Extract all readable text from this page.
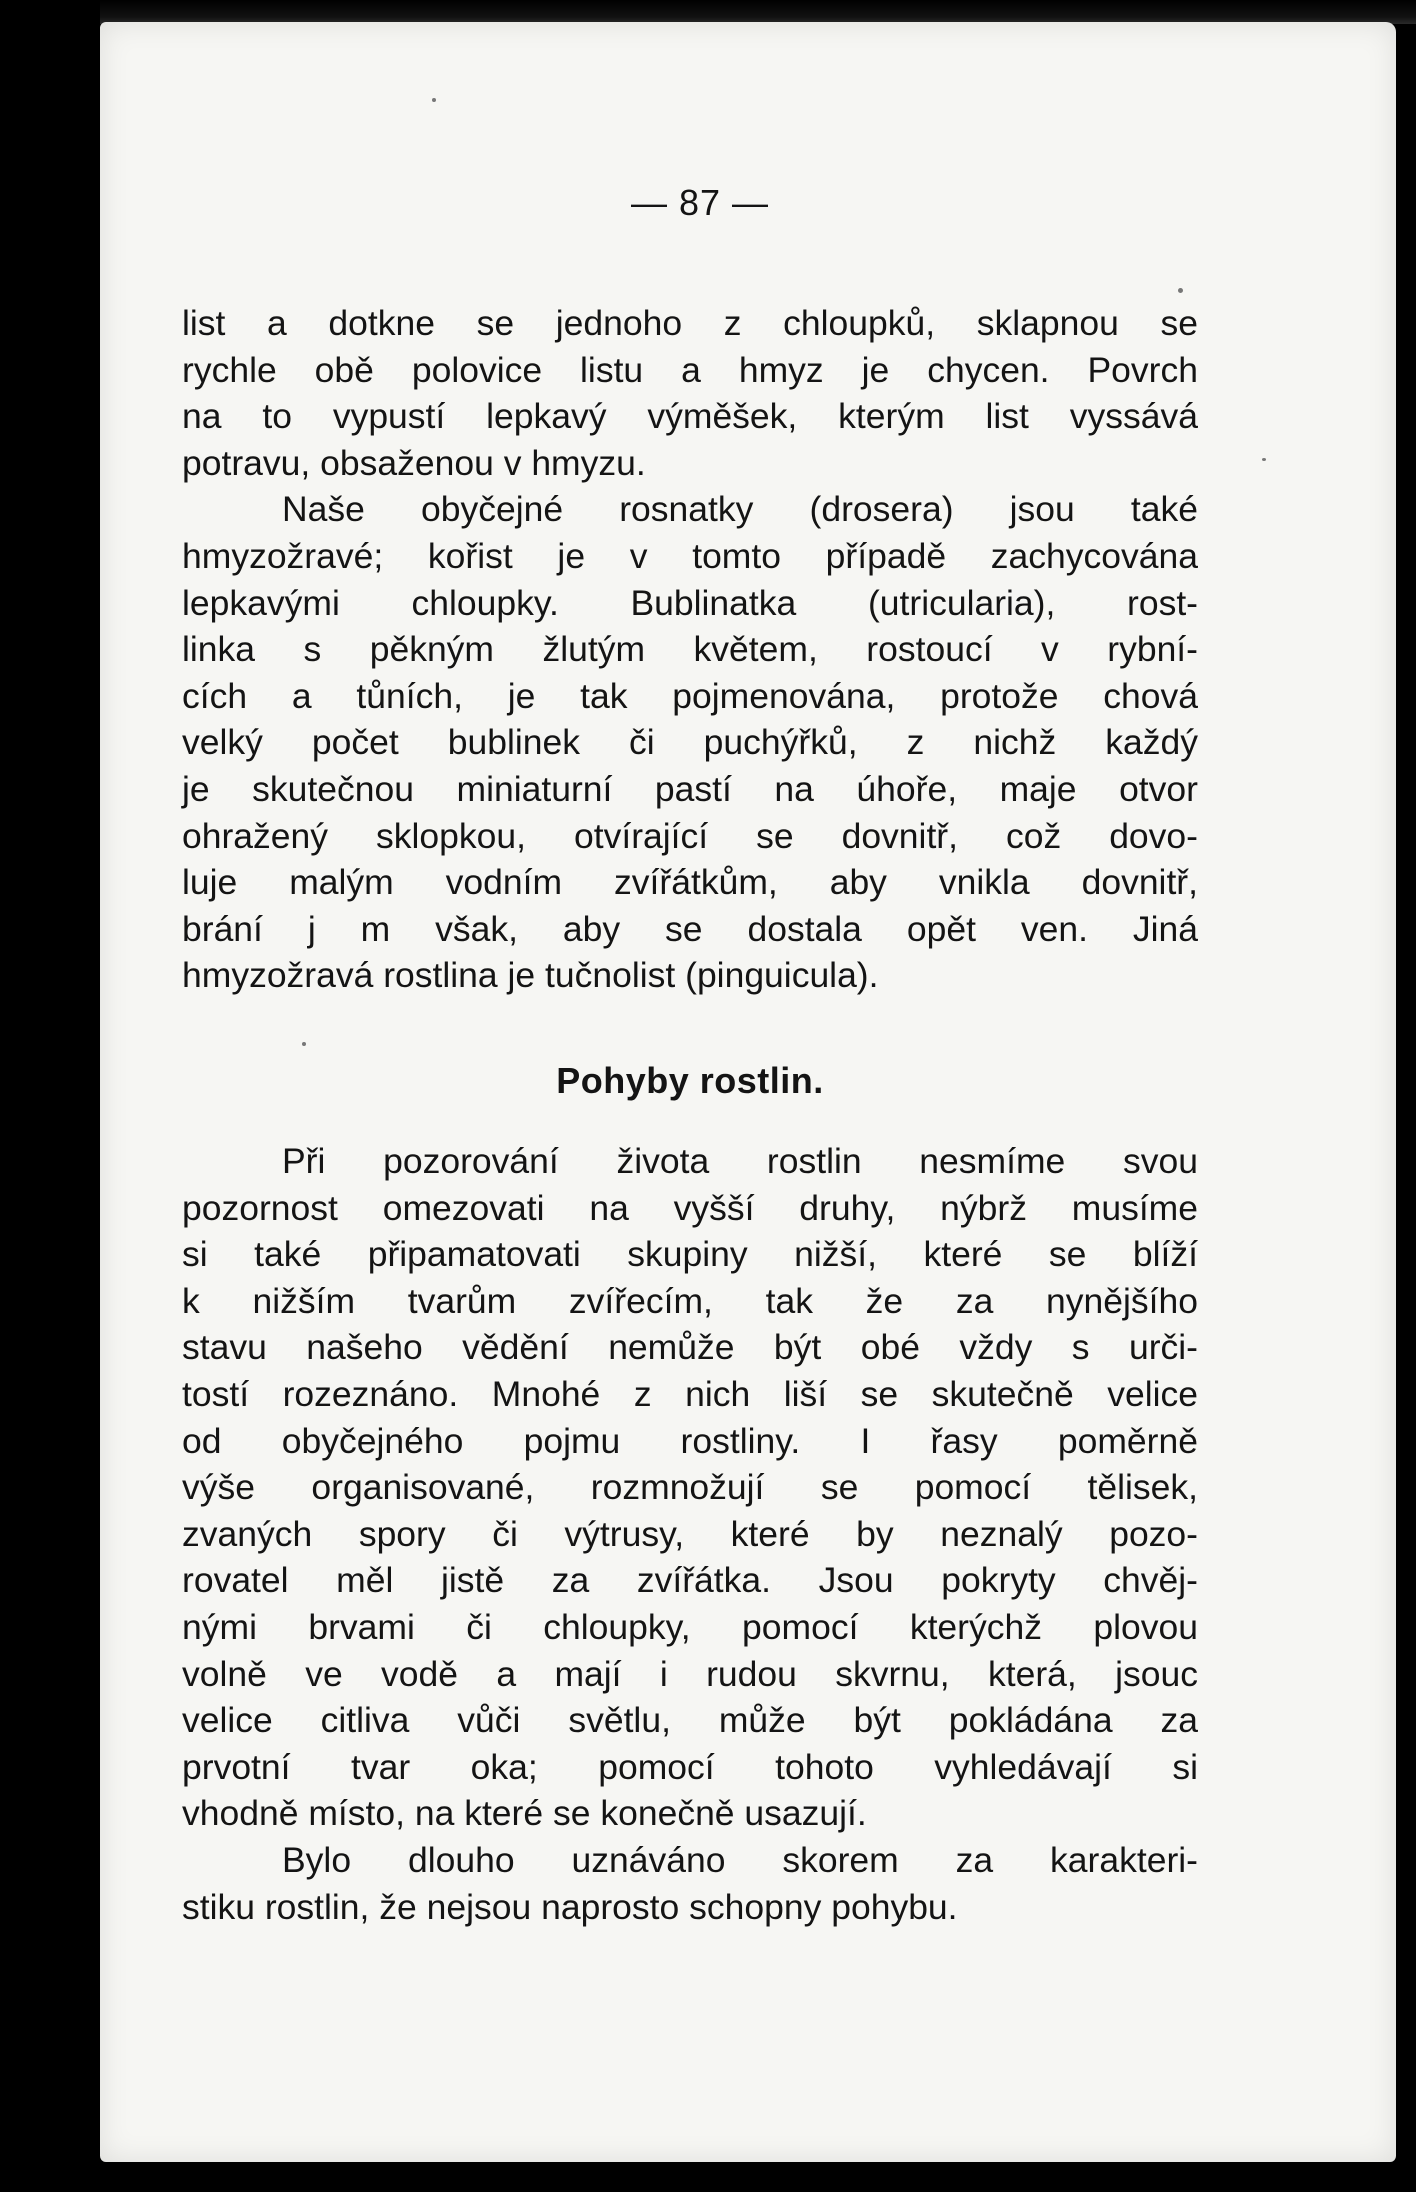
— 87 —
list a dotkne se jednoho z chloupků, sklapnou se
rychle obě polovice listu a hmyz je chycen. Povrch
na to vypustí lepkavý výměšek, kterým list vyssává
potravu, obsaženou v hmyzu.
Naše obyčejné rosnatky (drosera) jsou také
hmyzožravé; kořist je v tomto případě zachycována
lepkavými chloupky. Bublinatka (utricularia), rost-
linka s pěkným žlutým květem, rostoucí v rybní-
cích a tůních, je tak pojmenována, protože chová
velký počet bublinek či puchýřků, z nichž každý
je skutečnou miniaturní pastí na úhoře, maje otvor
ohražený sklopkou, otvírající se dovnitř, což dovo-
luje malým vodním zvířátkům, aby vnikla dovnitř,
brání j m však, aby se dostala opět ven. Jiná
hmyzožravá rostlina je tučnolist (pinguicula).
Pohyby rostlin.
Při pozorování života rostlin nesmíme svou
pozornost omezovati na vyšší druhy, nýbrž musíme
si také připamatovati skupiny nižší, které se blíží
k nižším tvarům zvířecím, tak že za nynějšího
stavu našeho vědění nemůže být obé vždy s urči-
tostí rozeznáno. Mnohé z nich liší se skutečně velice
od obyčejného pojmu rostliny. I řasy poměrně
výše organisované, rozmnožují se pomocí tělisek,
zvaných spory či výtrusy, které by neznalý pozo-
rovatel měl jistě za zvířátka. Jsou pokryty chvěj-
nými brvami či chloupky, pomocí kterýchž plovou
volně ve vodě a mají i rudou skvrnu, která, jsouc
velice citliva vůči světlu, může být pokládána za
prvotní tvar oka; pomocí tohoto vyhledávají si
vhodně místo, na které se konečně usazují.
Bylo dlouho uznáváno skorem za karakteri-
stiku rostlin, že nejsou naprosto schopny pohybu.
